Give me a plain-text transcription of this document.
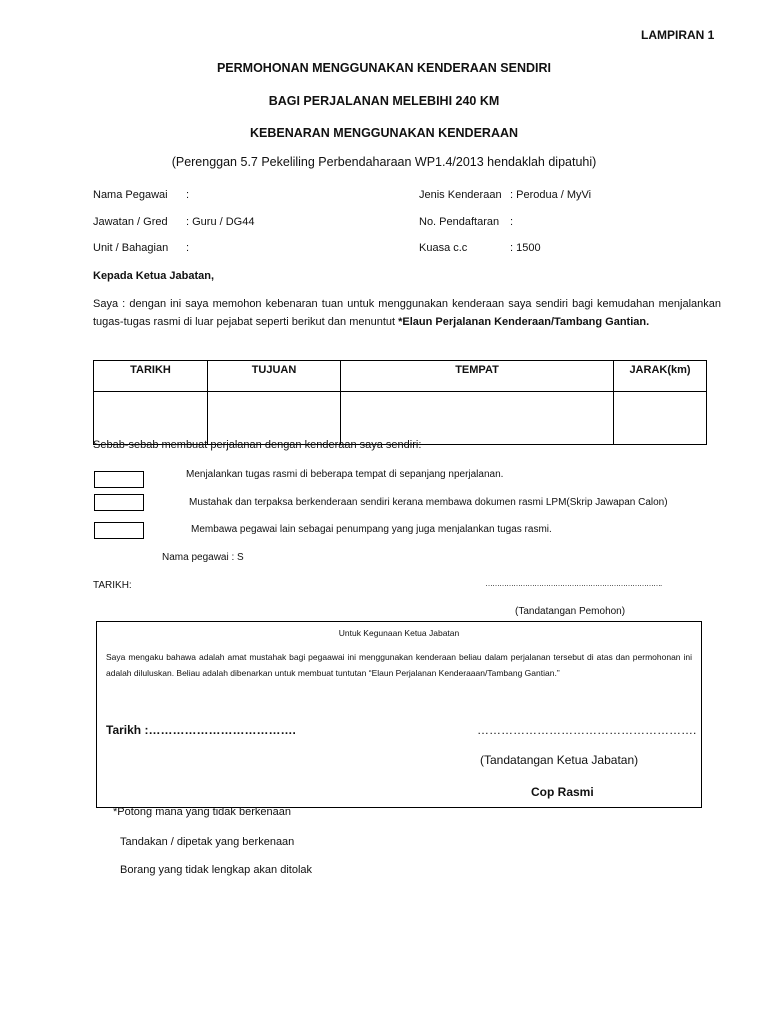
LAMPIRAN 1
PERMOHONAN MENGGUNAKAN KENDERAAN SENDIRI
BAGI PERJALANAN MELEBIHI 240 KM
KEBENARAN MENGGUNAKAN KENDERAAN
(Perenggan 5.7 Pekeliling Perbendaharaan WP1.4/2013 hendaklah dipatuhi)
Nama Pegawai :
Jawatan / Gred : Guru / DG44
Unit / Bahagian :
Jenis Kenderaan : Perodua / MyVi
No. Pendaftaran :
Kuasa c.c	: 1500
Kepada Ketua Jabatan,
Saya : dengan ini saya memohon kebenaran tuan untuk menggunakan kenderaan saya sendiri bagi kemudahan menjalankan tugas-tugas rasmi di luar pejabat seperti berikut dan menuntut *Elaun Perjalanan Kenderaan/Tambang Gantian.
TARIKH	TUJUAN	TEMPAT	JARAK(km)

Sebab-sebab membuat perjalanan dengan kenderaan saya sendiri:
Menjalankan tugas rasmi di beberapa tempat di sepanjang nperjalanan.
Mustahak dan terpaksa berkenderaan sendiri kerana membawa dokumen rasmi LPM(Skrip Jawapan Calon)
Membawa pegawai lain sebagai penumpang yang juga menjalankan tugas rasmi.
Nama pegawai : S
TARIKH:	………………………………………………………………….
(Tandatangan Pemohon)
Untuk Kegunaan Ketua Jabatan
Saya mengaku bahawa adalah amat mustahak bagi pegaawai ini menggunakan kenderaan beliau dalam perjalanan tersebut di atas dan permohonan ini adalah diluluskan. Beliau adalah dibenarkan untuk membuat tuntutan “Elaun Perjalanan Kenderaaan/Tambang Gantian.”
Tarikh :……………………………….	……………………………………………….
(Tandatangan Ketua Jabatan)
Cop Rasmi
*Potong mana yang tidak berkenaan
Tandakan / dipetak yang berkenaan
Borang yang tidak lengkap akan ditolak
